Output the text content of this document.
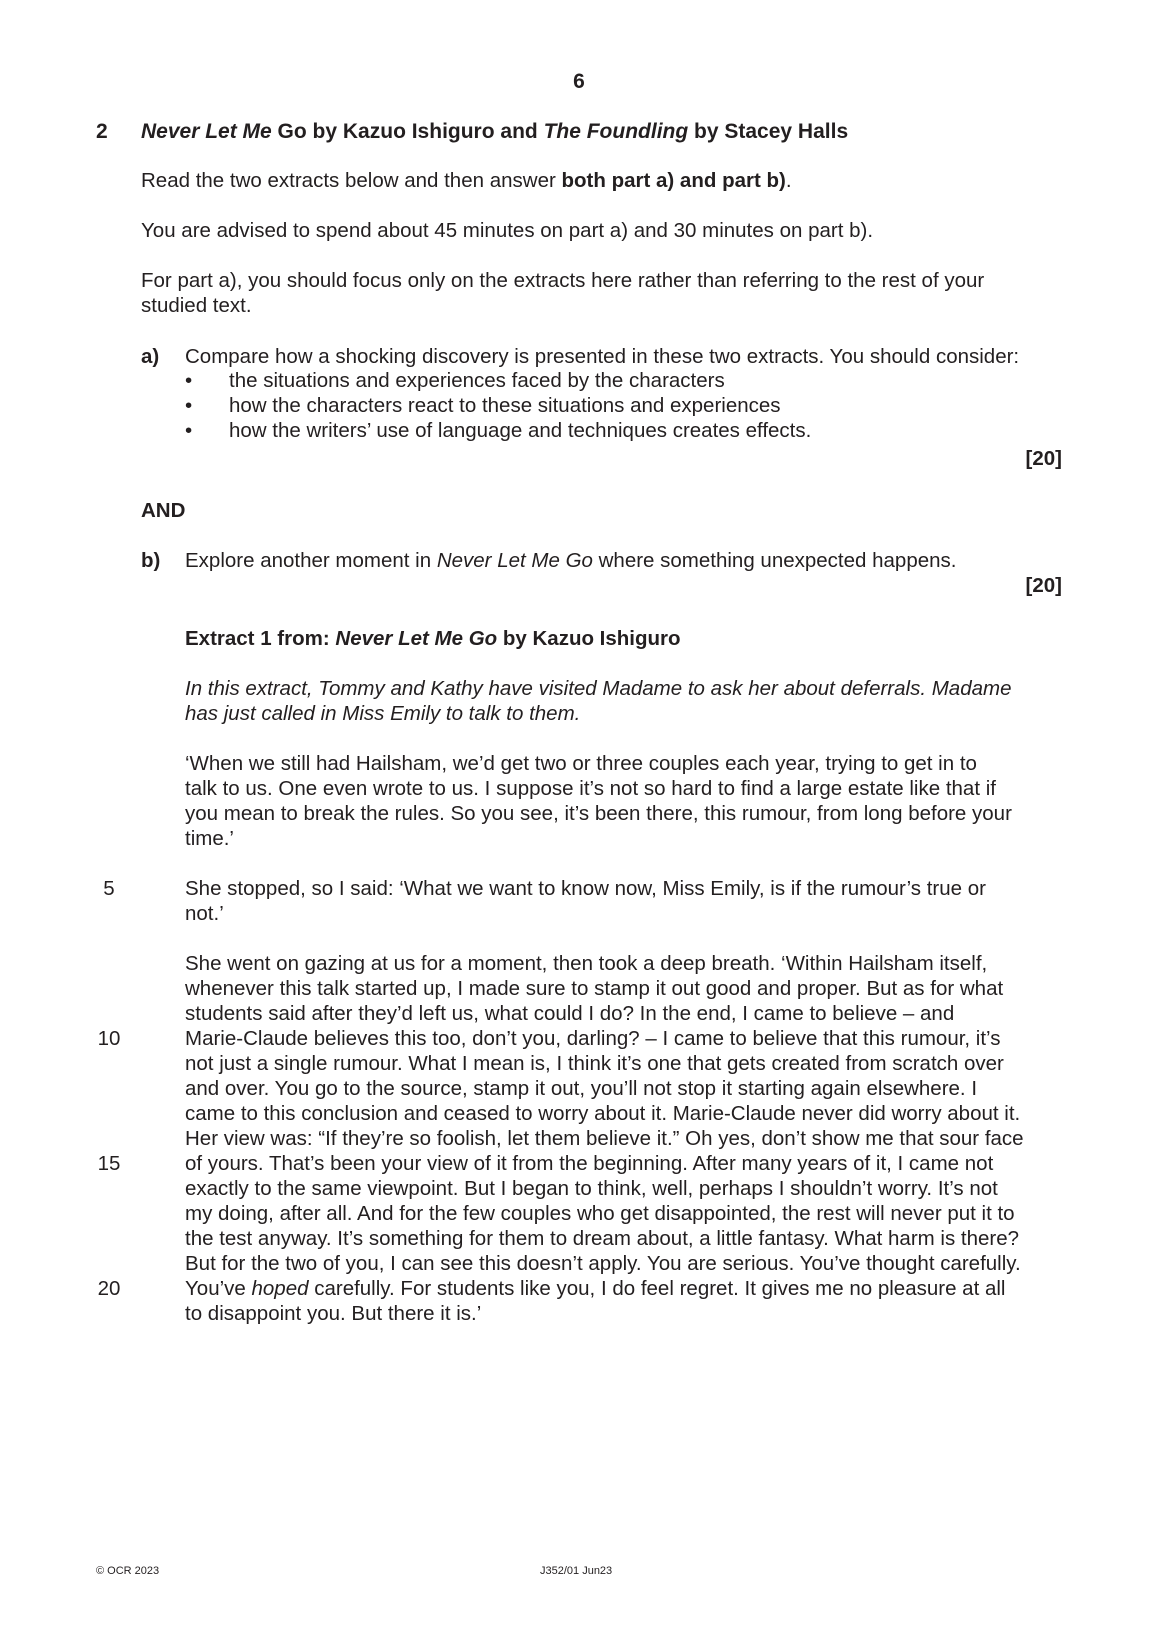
6
2 Never Let Me Go by Kazuo Ishiguro and The Foundling by Stacey Halls
Read the two extracts below and then answer both part a) and part b).
You are advised to spend about 45 minutes on part a) and 30 minutes on part b).
For part a), you should focus only on the extracts here rather than referring to the rest of your
studied text.
a) Compare how a shocking discovery is presented in these two extracts. You should consider:
• the situations and experiences faced by the characters
• how the characters react to these situations and experiences
• how the writers’ use of language and techniques creates effects.
[20]
AND
b) Explore another moment in Never Let Me Go where something unexpected happens.
[20]
Extract 1 from: Never Let Me Go by Kazuo Ishiguro
In this extract, Tommy and Kathy have visited Madame to ask her about deferrals. Madame
has just called in Miss Emily to talk to them.
‘When we still had Hailsham, we’d get two or three couples each year, trying to get in to
talk to us. One even wrote to us. I suppose it’s not so hard to find a large estate like that if
you mean to break the rules. So you see, it’s been there, this rumour, from long before your
time.’
She stopped, so I said: ‘What we want to know now, Miss Emily, is if the rumour’s true or
not.’
She went on gazing at us for a moment, then took a deep breath. ‘Within Hailsham itself,
whenever this talk started up, I made sure to stamp it out good and proper. But as for what
students said after they’d left us, what could I do? In the end, I came to believe – and
Marie-Claude believes this too, don’t you, darling? – I came to believe that this rumour, it’s
not just a single rumour. What I mean is, I think it’s one that gets created from scratch over
and over. You go to the source, stamp it out, you’ll not stop it starting again elsewhere. I
came to this conclusion and ceased to worry about it. Marie-Claude never did worry about it.
Her view was: “If they’re so foolish, let them believe it.” Oh yes, don’t show me that sour face
of yours. That’s been your view of it from the beginning. After many years of it, I came not
exactly to the same viewpoint. But I began to think, well, perhaps I shouldn’t worry. It’s not
my doing, after all. And for the few couples who get disappointed, the rest will never put it to
the test anyway. It’s something for them to dream about, a little fantasy. What harm is there?
But for the two of you, I can see this doesn’t apply. You are serious. You’ve thought carefully.
You’ve hoped carefully. For students like you, I do feel regret. It gives me no pleasure at all
to disappoint you. But there it is.’
5
10
15
20
© OCR 2023	J352/01 Jun23
